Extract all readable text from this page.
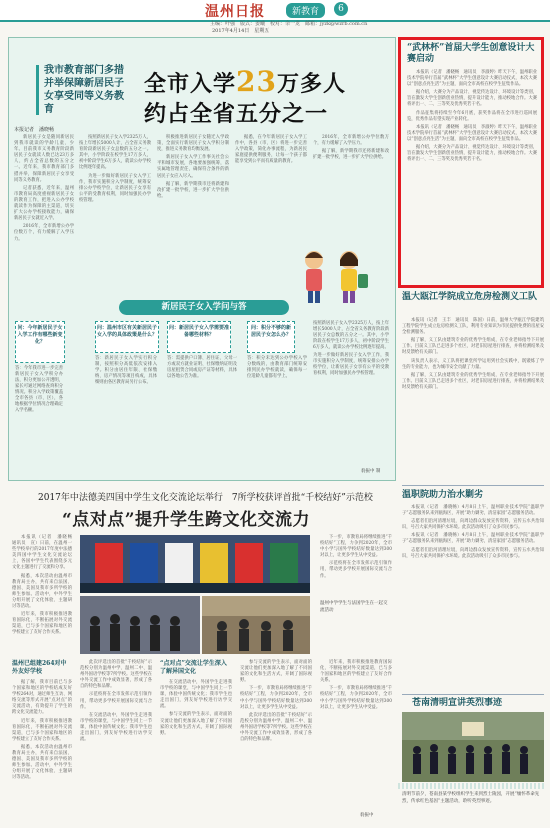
温州日报	新教育	6
主编：叶强　版式：姜曦　校对：余一龙　邮箱：jyzk@wzrb.com.cn
2017年4月14日　星期五
我市教育部门多措并举保障新居民子女享受同等义务教育
全市入学23万多人
约占全省五分之一
本报记者　潘晓畅

新居民子女是随同新居民到我市就读的学龄儿童、少年。目前我市义务教育阶段新居民子女就读人数已达23万多人，约占全省总数的五分之一。近年来，我市教育部门多措并举，保障新居民子女享受同等义务教育。

记者获悉，近年来，温州市教育局高度重视新居民子女的教育工作，把进入公办学校就读作为保障的主渠道，切实扩大公办学校接收能力，确保新居民子女就近入学。

2016年，全市新增公办学位数万个，有力缓解了入学压力。

按照新居民子女入学2325万人，按上年增长5000人计，占全省义务教育阶段新居民子女总数的五分之一。其中，小学阶段在校学生17万多人，初中阶段学生6万多人，就读公办学校比例逐年提高。

为进一步做好新居民子女入学工作，我市实施积分入学制度，统筹安排公办学校学位，让新居民子女享有公平的受教育权利，同时加强民办学校管理。

积极推进新居民子女随迁入学政策，全面实行新居民子女入学积分制度，推进义务教育均衡发展。

新居民子女入学工作事关社会公平和城市发展，各地要加强统筹，落实属地管理责任，确保符合条件的新居民子女应入尽入。

据了解，新学期我市还将新建和改扩建一批学校，进一步扩大学位供给。

据悉，在今年新居民子女入学工作中，各县（市、区）将进一步完善入学政策，简化办事流程，为新居民家庭提供便利服务，让每一个孩子都能享受到公平而有质量的教育。

2016年，全市新增公办学位数万个，有力缓解了入学压力。

据了解，新学期我市还将新建和改扩建一批学校，进一步扩大学位供给。

新居民子女入学问与答
问：今年新居民子女入学工作有哪些新变化？
答：今年我市进一步完善新居民子女入学积分办法，积分更加公开透明，家长可通过网络查询积分情况。积分入学政策覆盖全市各县（市、区），各地根据学位情况合理确定入学名额。
问：温州市区有关新居民子女入学的具体政策是什么？
答：新居民子女入学实行积分制，按照积分高低依次安排入学。积分由居住年限、社保缴纳、房产情况等项目构成，具体细则由各区教育局另行公布。
问：新居民子女入学需要准备哪些材料？
答：需提供户口簿、居住证、父母一方或双方就业证明、社保缴纳证明及房屋租赁合同或房产证等材料，具体以各地公告为准。
问：积分不够的新居民子女怎么办？
答：积分未达到公办学校入学分数线的，由教育部门统筹安排到民办学校就读，确保每一位适龄儿童都有学上。

按照新居民子女入学2325万人，按上年增长5000人计，占全省义务教育阶段新居民子女总数的五分之一。其中，小学阶段在校学生17万多人，初中阶段学生6万多人，就读公办学校比例逐年提高。

为进一步做好新居民子女入学工作，我市实施积分入学制度，统筹安排公办学校学位，让新居民子女享有公平的受教育权利，同时加强民办学校管理。

翁振中 制
“武林杯”首届大学生创意设计大赛启动

本报讯（记者　潘晓畅　通讯员　李淑婷）昨天下午，温州职业技术学院举行首届“武林杯”大学生创意设计大赛启动仪式，本次大赛以“创意点亮生活”为主题，面向全市高校在校学生征集作品。

据介绍，大赛分为产品设计、视觉传达设计、环境设计等类别，旨在激发大学生创新创业热情，提升设计能力，推动校地合作。大赛将评出一、二、三等奖及优秀奖若干名。

作品征集将持续至今年6月底，获奖作品将在全市进行巡回展览，优秀作品有望实现产业转化。

本报讯（记者　潘晓畅　通讯员　李淑婷）昨天下午，温州职业技术学院举行首届“武林杯”大学生创意设计大赛启动仪式，本次大赛以“创意点亮生活”为主题，面向全市高校在校学生征集作品。

据介绍，大赛分为产品设计、视觉传达设计、环境设计等类别，旨在激发大学生创新创业热情，提升设计能力，推动校地合作。大赛将评出一、二、三等奖及优秀奖若干名。

温大瓯江学院成立危房检测义工队

本报讯（记者　王丰　通讯员　陈国）日前，温州大学瓯江学院建筑工程学院学生成立危房检测义工队，利用专业知识为市民提供免费的房屋安全检测服务。

据了解，义工队由建筑专业的优秀学生组成，在专业老师指导下开展工作。目前义工队已走进多个社区，对老旧房屋进行排查，并将检测结果及时反馈给有关部门。

该负责人表示，义工队将把课堂所学运用到社会实践中，既锻炼了学生的专业能力，也为城市安全贡献了力量。

据了解，义工队由建筑专业的优秀学生组成，在专业老师指导下开展工作。目前义工队已走进多个社区，对老旧房屋进行排查，并将检测结果及时反馈给有关部门。

温职院助力治水剿劣

本报讯（记者　潘晓畅）4月8日上午，温州职业技术学院“温职学子”志愿服务队来到瓯海区，开展“助力剿劣，清洁家园”志愿服务活动。

志愿者们沿河清理垃圾，向周边群众发放宣传资料，宣传五水共治知识，号召大家共同保护水环境。此次活动吸引了众多市民参与。

本报讯（记者　潘晓畅）4月8日上午，温州职业技术学院“温职学子”志愿服务队来到瓯海区，开展“助力剿劣，清洁家园”志愿服务活动。

志愿者们沿河清理垃圾，向周边群众发放宣传资料，宣传五水共治知识，号召大家共同保护水环境。此次活动吸引了众多市民参与。

苍南清明宣讲英烈事迹
清明节前夕，苍南县某学校组织学生来到烈士陵园，开展“缅怀革命先烈，传承红色基因”主题活动，聆听英烈事迹。
2017年中法德美四国中学生文化交流论坛举行　7所学校获评首批“千校结好”示范校
“点对点”提升学生跨文化交流力

本报讯（记者　潘晓畅　通讯员　宣）日前，在温州一些学校举行的2017年度中法德美四国中学生文化交流论坛上，各国中学生代表围绕多元文化主题进行了交流和分享。

据悉，本次活动由温州市教育局主办，共有来自法国、德国、美国及我市多所学校的师生参加。活动中，中外学生分组开展了文化体验、主题研讨等活动。

近年来，我市积极推进教育国际化，不断拓展对外交流渠道，已与多个国家和地区的学校建立了友好合作关系。

温州已组建264对中外友好学校

据了解，我市目前已与多个国家和地区的学校结成友好学校264对，通过师生互访、网络交流等形式开展“点对点”的交流活动，有效提升了学生的跨文化交流能力。

近年来，我市积极推进教育国际化，不断拓展对外交流渠道，已与多个国家和地区的学校建立了友好合作关系。

据悉，本次活动由温州市教育局主办，共有来自法国、德国、美国及我市多所学校的师生参加。活动中，中外学生分组开展了文化体验、主题研讨等活动。

温州中学学生与法国学生在一起交流活动

下一步，市教育局将继续推进“千校结好”工程，力争到2020年，全市中小学与国外学校结好数量达到300对以上，让更多学生从中受益。

示范校将在全市发挥示范引领作用，带动更多学校开展国际交流与合作。

此次评选出的首批“千校结好”示范校分别为温州中学、温州二中、温州外国语学校等7所学校。这些学校在中外交流工作中成效显著，形成了各自的特色和品牌。

示范校将在全市发挥示范引领作用，带动更多学校开展国际交流与合作。

在交流活动中，外国学生走进我市学校的课堂，与中国学生同上一节课，体验中国传统文化；我市学生也走出国门，到友好学校进行访学交流。

“点对点”交流让学生深入了解异国文化

在交流活动中，外国学生走进我市学校的课堂，与中国学生同上一节课，体验中国传统文化；我市学生也走出国门，到友好学校进行访学交流。

参与交流的学生表示，面对面的交流让他们更加深入地了解了不同国家的文化和生活方式，开阔了国际视野。

参与交流的学生表示，面对面的交流让他们更加深入地了解了不同国家的文化和生活方式，开阔了国际视野。

下一步，市教育局将继续推进“千校结好”工程，力争到2020年，全市中小学与国外学校结好数量达到300对以上，让更多学生从中受益。

此次评选出的首批“千校结好”示范校分别为温州中学、温州二中、温州外国语学校等7所学校。这些学校在中外交流工作中成效显著，形成了各自的特色和品牌。

近年来，我市积极推进教育国际化，不断拓展对外交流渠道，已与多个国家和地区的学校建立了友好合作关系。

下一步，市教育局将继续推进“千校结好”工程，力争到2020年，全市中小学与国外学校结好数量达到300对以上，让更多学生从中受益。

翁振中
